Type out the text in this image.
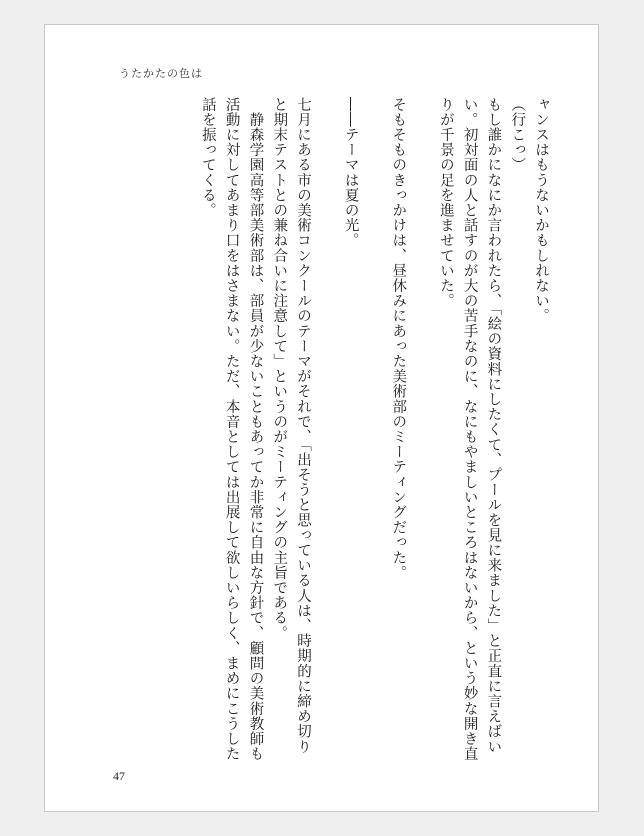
うたかたの色は

ャンスはもうないかもしれない。

（行こっ）

もし誰かになにか言われたら、「絵の資料にしたくて、プールを見に来ました」と正直に言えばいい。初対面の人と話すのが大の苦手なのに、なにもやましいところはないから、という妙な開き直りが千景の足を進ませていた。

そもそものきっかけは、昼休みにあった美術部のミーティングだった。

――テーマは夏の光。

七月にある市の美術コンクールのテーマがそれで、「出そうと思っている人は、時期的に締め切りと期末テストとの兼ね合いに注意して」というのがミーティングの主旨である。

　静森学園高等部美術部は、部員が少ないこともあってか非常に自由な方針で、顧問の美術教師も活動に対してあまり口をはさまない。ただ、本音としては出展して欲しいらしく、まめにこうした話を振ってくる。

47
